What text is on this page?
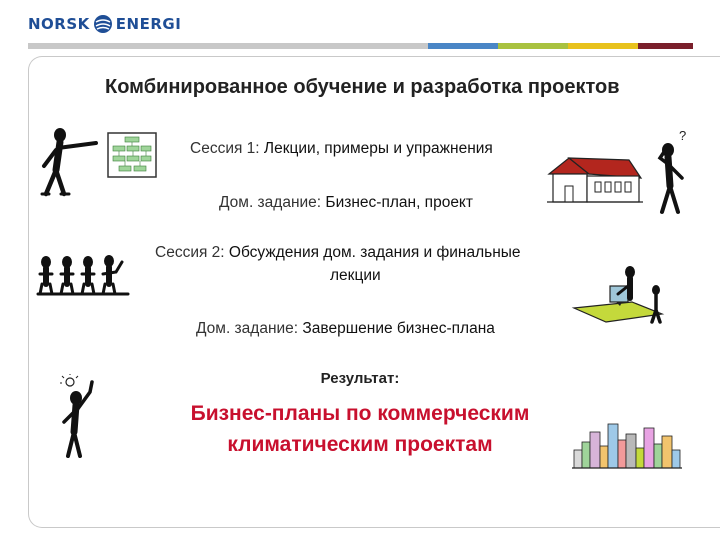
NORSK ENERGI
Комбинированное обучение и разработка проектов
Сессия 1: Лекции, примеры и упражнения
Дом. задание: Бизнес-план, проект
Сессия 2: Обсуждения дом. задания и финальные
лекции
Дом. задание: Завершение бизнес-плана
Результат:
Бизнес-планы по коммерческим
климатическим проектам
?
